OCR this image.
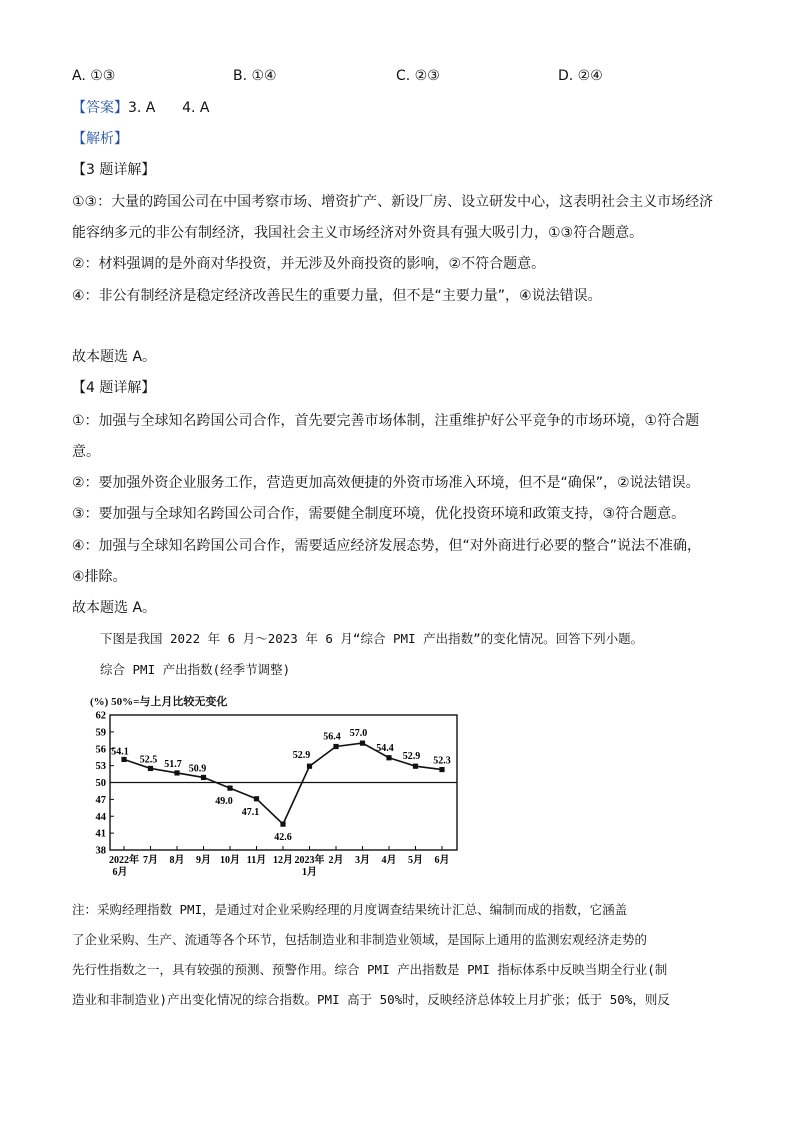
A. ①③	B. ①④	C. ②③	D. ②④
【答案】3. A      4. A
【解析】
【3 题详解】
①③：大量的跨国公司在中国考察市场、增资扩产、新设厂房、设立研发中心，这表明社会主义市场经济
能容纳多元的非公有制经济，我国社会主义市场经济对外资具有强大吸引力，①③符合题意。
②：材料强调的是外商对华投资，并无涉及外商投资的影响，②不符合题意。
④：非公有制经济是稳定经济改善民生的重要力量，但不是“主要力量”，④说法错误。
故本题选 A。
【4 题详解】
①：加强与全球知名跨国公司合作，首先要完善市场体制，注重维护好公平竞争的市场环境，①符合题
意。
②：要加强外资企业服务工作，营造更加高效便捷的外资市场准入环境，但不是“确保”，②说法错误。
③：要加强与全球知名跨国公司合作，需要健全制度环境，优化投资环境和政策支持，③符合题意。
④：加强与全球知名跨国公司合作，需要适应经济发展态势，但“对外商进行必要的整合”说法不准确，
④排除。
故本题选 A。
下图是我国 2022 年 6 月～2023 年 6 月“综合 PMI 产出指数”的变化情况。回答下列小题。
综合 PMI 产出指数(经季节调整)
(%) 50%=与上月比较无变化
62
59
56
53
50
47
44
41
38
2022年
6月
7月 8月 9月 10月 11月 12月 2023年
1月
2月 3月 4月 5月 6月
54.1
52.5 51.7 50.9
49.0
47.1
42.6
52.9
56.4 57.0
54.4
52.9 52.3
注：采购经理指数 PMI，是通过对企业采购经理的月度调查结果统计汇总、编制而成的指数，它涵盖
了企业采购、生产、流通等各个环节，包括制造业和非制造业领域，是国际上通用的监测宏观经济走势的
先行性指数之一，具有较强的预测、预警作用。综合 PMI 产出指数是 PMI 指标体系中反映当期全行业(制
造业和非制造业)产出变化情况的综合指数。PMI 高于 50%时，反映经济总体较上月扩张；低于 50%，则反
